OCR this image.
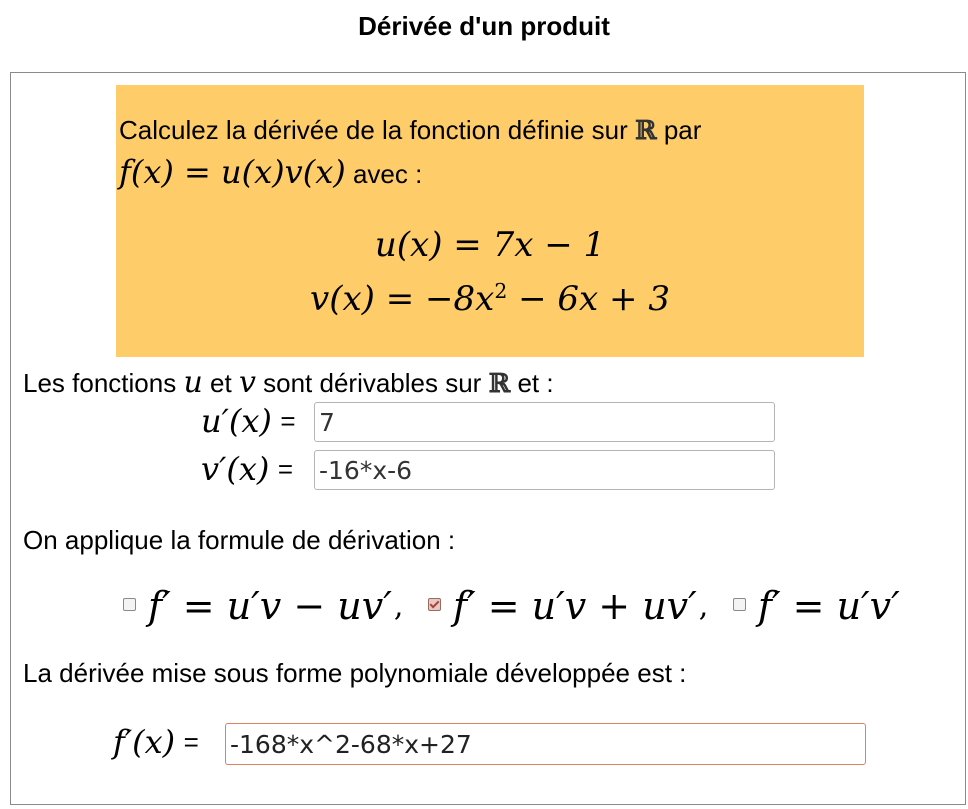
Dérivée d'un produit
Calculez la dérivée de la fonction définie sur ℝ par
f(x) = u(x)v(x) avec :
u(x) = 7x − 1
$v(x) = -8x^2 - 6x + 3$
Les fonctions u et v sont dérivables sur ℝ et :
u′(x) =
7
v′(x) =
-16*x-6
On applique la formule de dérivation :
f′ = u′v − uv′, f′ = u′v + uv′, f′ = u′v′
La dérivée mise sous forme polynomiale développée est :
f′(x) =
-168*x^2-68*x+27
